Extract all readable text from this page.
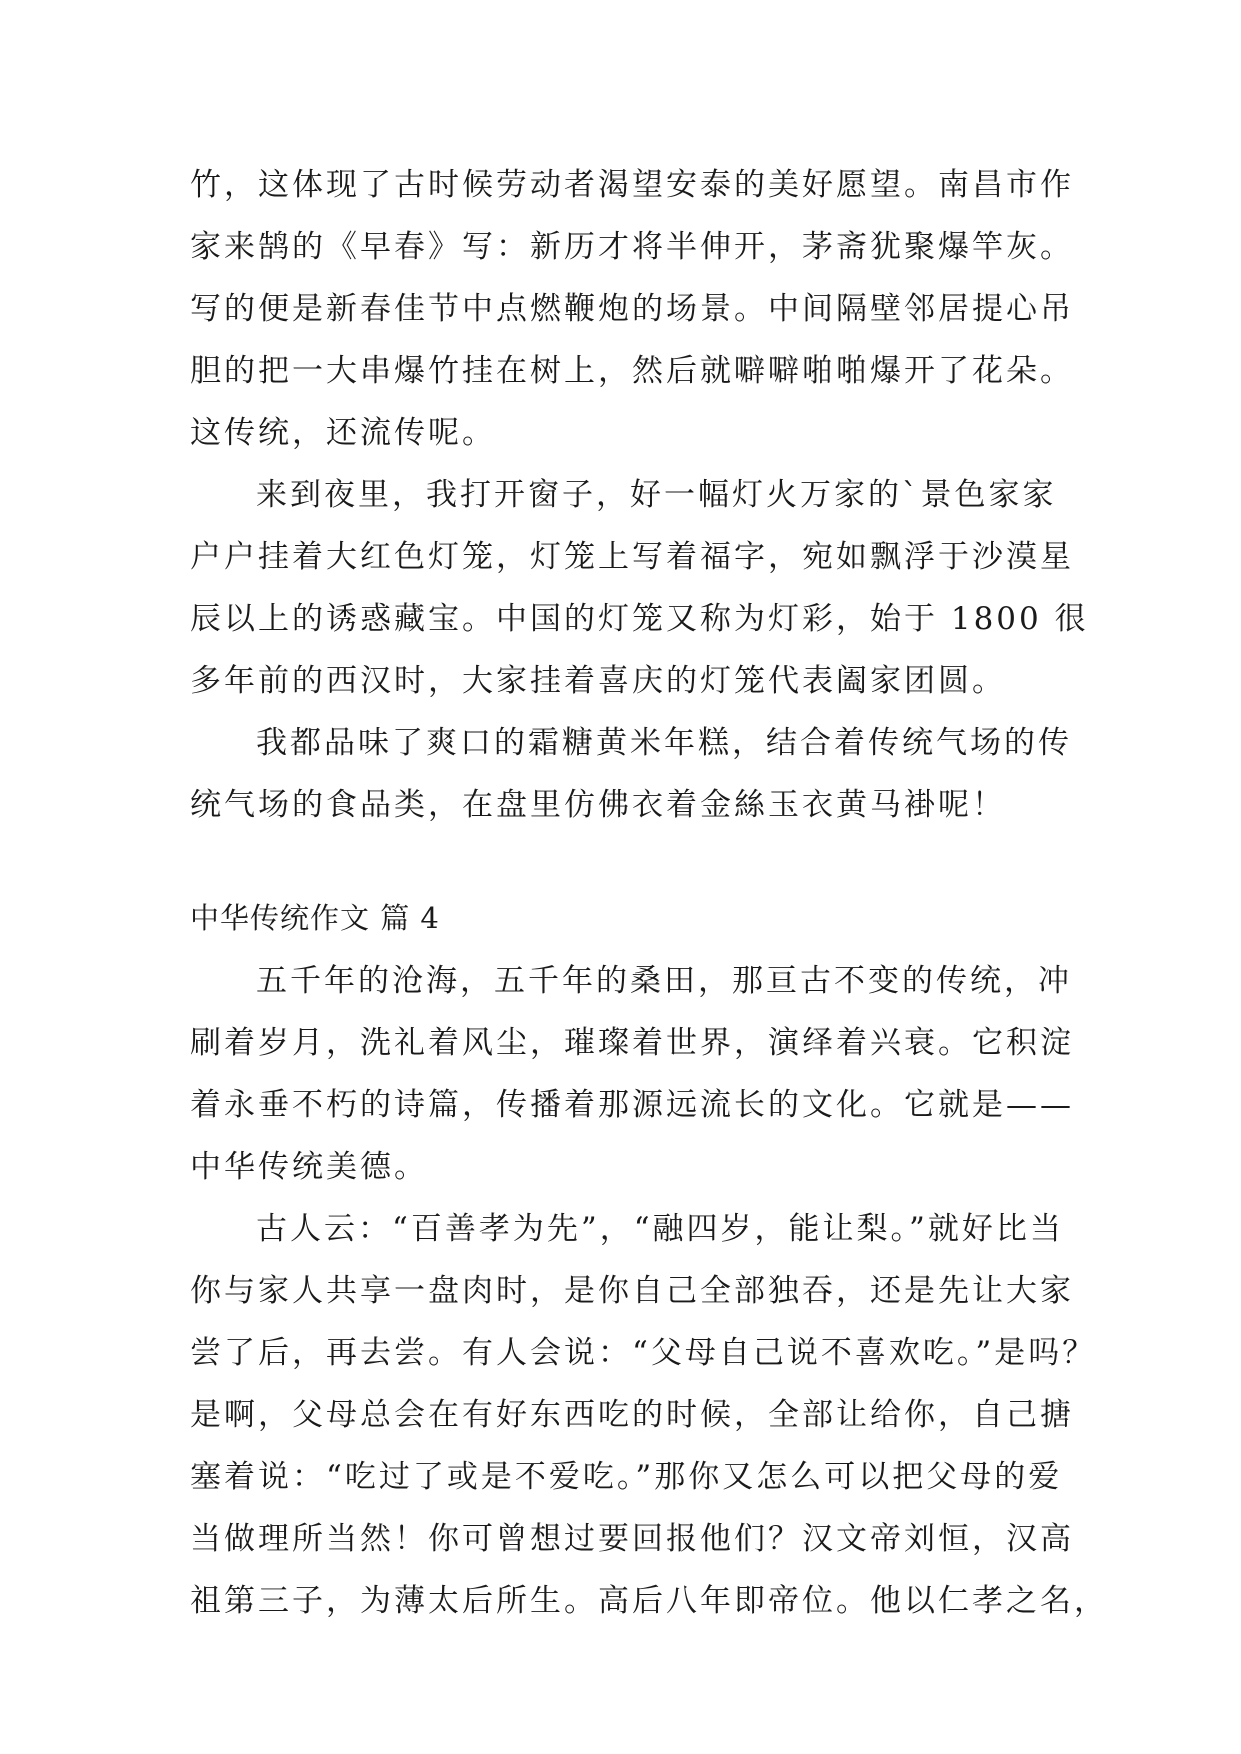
竹，这体现了古时候劳动者渴望安泰的美好愿望。南昌市作
家来鹄的《早春》写：新历才将半伸开，茅斋犹聚爆竿灰。
写的便是新春佳节中点燃鞭炮的场景。中间隔壁邻居提心吊
胆的把一大串爆竹挂在树上，然后就噼噼啪啪爆开了花朵。
这传统，还流传呢。
来到夜里，我打开窗子，好一幅灯火万家的`景色家家
户户挂着大红色灯笼，灯笼上写着福字，宛如飘浮于沙漠星
辰以上的诱惑藏宝。中国的灯笼又称为灯彩，始于 1800 很
多年前的西汉时，大家挂着喜庆的灯笼代表阖家团圆。
我都品味了爽口的霜糖黄米年糕，结合着传统气场的传
统气场的食品类，在盘里仿佛衣着金絲玉衣黄马褂呢！
中华传统作文 篇 4
五千年的沧海，五千年的桑田，那亘古不变的传统，冲
刷着岁月，洗礼着风尘，璀璨着世界，演绎着兴衰。它积淀
着永垂不朽的诗篇，传播着那源远流长的文化。它就是——
中华传统美德。
古人云：“百善孝为先”，“融四岁，能让梨。”就好比当
你与家人共享一盘肉时，是你自己全部独吞，还是先让大家
尝了后，再去尝。有人会说：“父母自己说不喜欢吃。”是吗？
是啊，父母总会在有好东西吃的时候，全部让给你，自己搪
塞着说：“吃过了或是不爱吃。”那你又怎么可以把父母的爱
当做理所当然！你可曾想过要回报他们？汉文帝刘恒，汉高
祖第三子，为薄太后所生。高后八年即帝位。他以仁孝之名，
